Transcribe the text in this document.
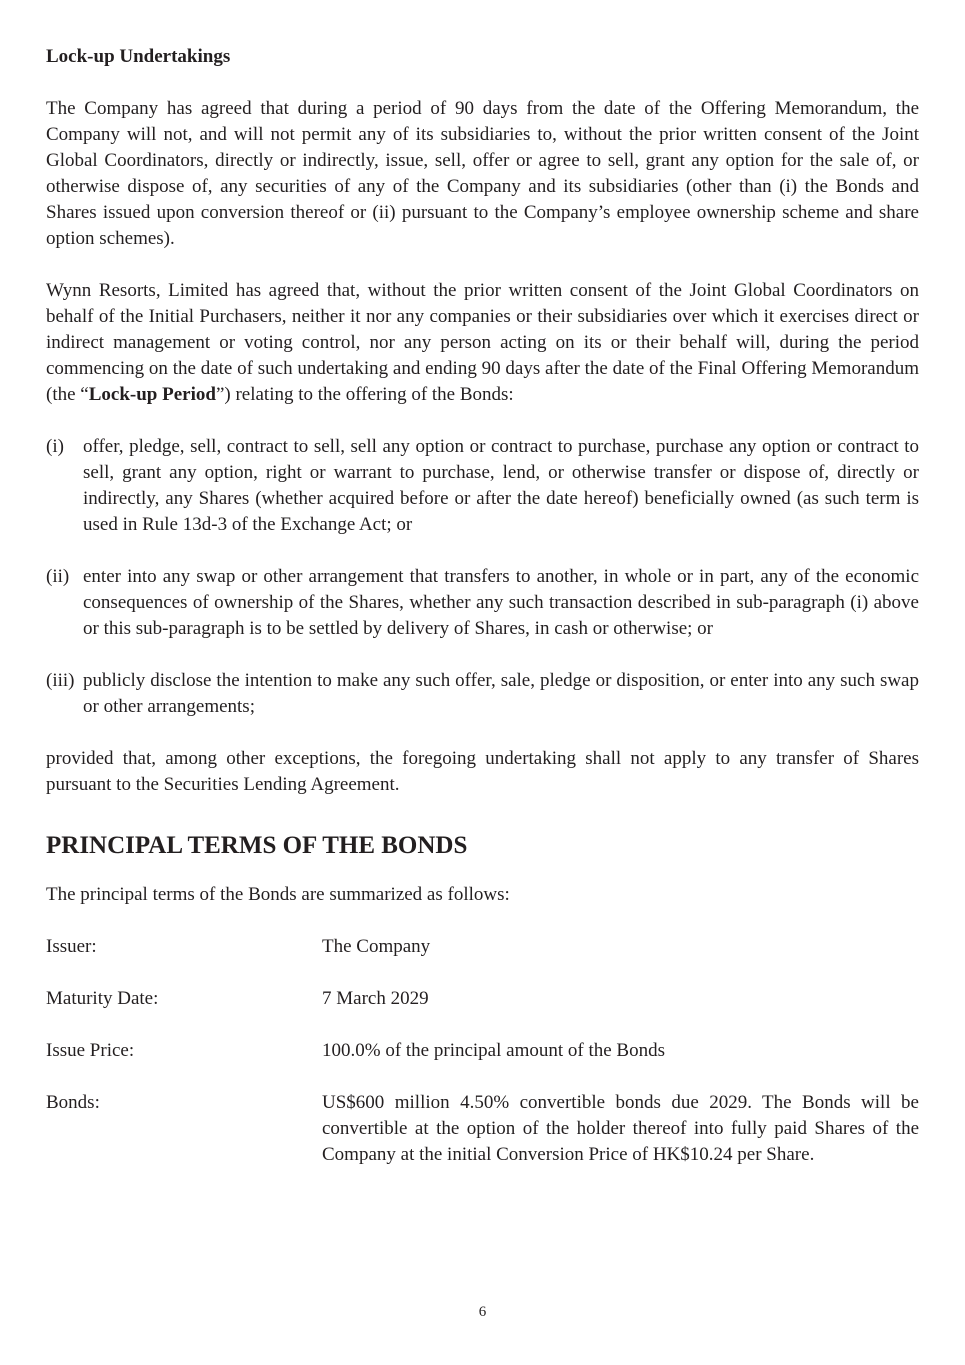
Lock-up Undertakings

The Company has agreed that during a period of 90 days from the date of the Offering Memorandum, the Company will not, and will not permit any of its subsidiaries to, without the prior written consent of the Joint Global Coordinators, directly or indirectly, issue, sell, offer or agree to sell, grant any option for the sale of, or otherwise dispose of, any securities of any of the Company and its subsidiaries (other than (i) the Bonds and Shares issued upon conversion thereof or (ii) pursuant to the Company’s employee ownership scheme and share option schemes).

Wynn Resorts, Limited has agreed that, without the prior written consent of the Joint Global Coordinators on behalf of the Initial Purchasers, neither it nor any companies or their subsidiaries over which it exercises direct or indirect management or voting control, nor any person acting on its or their behalf will, during the period commencing on the date of such undertaking and ending 90 days after the date of the Final Offering Memorandum (the “Lock-up Period”) relating to the offering of the Bonds:

(i) offer, pledge, sell, contract to sell, sell any option or contract to purchase, purchase any option or contract to sell, grant any option, right or warrant to purchase, lend, or otherwise transfer or dispose of, directly or indirectly, any Shares (whether acquired before or after the date hereof) beneficially owned (as such term is used in Rule 13d-3 of the Exchange Act; or
(ii) enter into any swap or other arrangement that transfers to another, in whole or in part, any of the economic consequences of ownership of the Shares, whether any such transaction described in sub-paragraph (i) above or this sub-paragraph is to be settled by delivery of Shares, in cash or otherwise; or
(iii) publicly disclose the intention to make any such offer, sale, pledge or disposition, or enter into any such swap or other arrangements;

provided that, among other exceptions, the foregoing undertaking shall not apply to any transfer of Shares pursuant to the Securities Lending Agreement.

PRINCIPAL TERMS OF THE BONDS

The principal terms of the Bonds are summarized as follows:

Issuer:	The Company
Maturity Date:	7 March 2029
Issue Price:	100.0% of the principal amount of the Bonds
Bonds:	US$600 million 4.50% convertible bonds due 2029. The Bonds will be convertible at the option of the holder thereof into fully paid Shares of the Company at the initial Conversion Price of HK$10.24 per Share.
6
